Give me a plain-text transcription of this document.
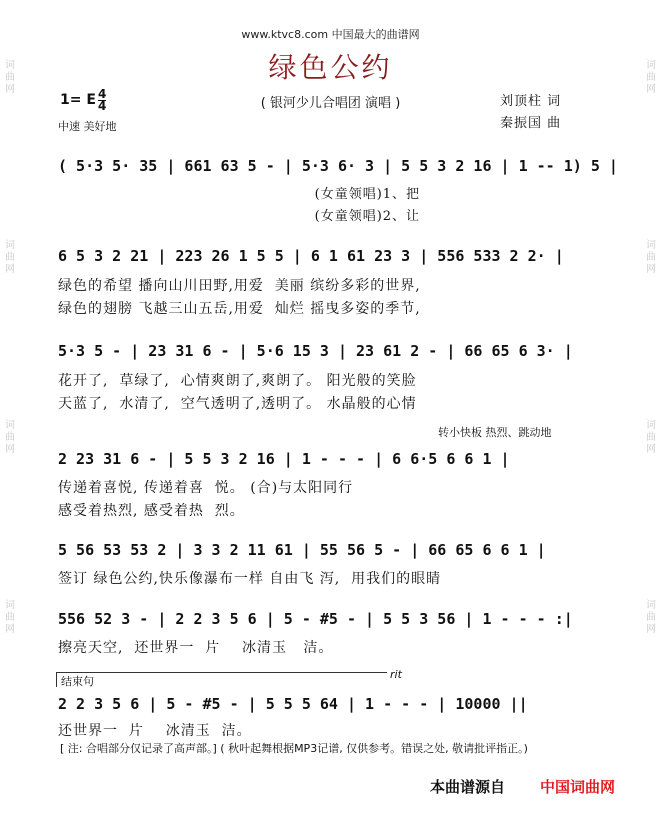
词曲网
词曲网
词曲网
词曲网
词曲网
词曲网
词曲网
词曲网
www.ktvc8.com 中国最大的曲谱网
绿色公约
1= E 4
4
中速 美好地
( 银河少儿合唱团 演唱 )	刘顶柱 词
秦振国 曲
( 5·3 5· 35 | 661 63 5 - | 5·3 6· 3 | 5 5 3 2 16 | 1 -- 1) 5 |
(女童领唱)1、把
(女童领唱)2、让
6 5 3 2 21 | 223 26 1 5 5 | 6 1 61 23 3 | 556 533 2 2· |
绿色的希望 播向山川田野,用爱  美丽 缤纷多彩的世界,
绿色的翅膀 飞越三山五岳,用爱  灿烂 摇曳多姿的季节,
5·3 5 - | 23 31 6 - | 5·6 15 3 | 23 61 2 - | 66 65 6 3· |
花开了,  草绿了,  心情爽朗了,爽朗了。 阳光般的笑脸
天蓝了,  水清了,  空气透明了,透明了。 水晶般的心情
转小快板 热烈、跳动地
2 23 31 6 - | 5 5 3 2 16 | 1 - - - | 6 6·5 6 6 1 |
传递着喜悦, 传递着喜  悦。 (合)与太阳同行
感受着热烈, 感受着热  烈。
5 56 53 53 2 | 3 3 2 11 61 | 55 56 5 - | 66 65 6 6 1 |
签订 绿色公约,快乐像瀑布一样 自由飞 泻,  用我们的眼睛
556 52 3 - | 2 2 3 5 6 | 5 - #5 - | 5 5 3 56 | 1 - - - :|
擦亮天空,  还世界一  片    冰清玉   洁。
结束句
rit
2 2 3 5 6 | 5 - #5 - | 5 5 5 64 | 1 - - - | 10000 ||
还世界一  片    冰清玉  洁。
[ 注: 合唱部分仅记录了高声部。] ( 秋叶起舞根据MP3记谱, 仅供参考。错误之处, 敬请批评指正。)
本曲谱源自 中国词曲网
